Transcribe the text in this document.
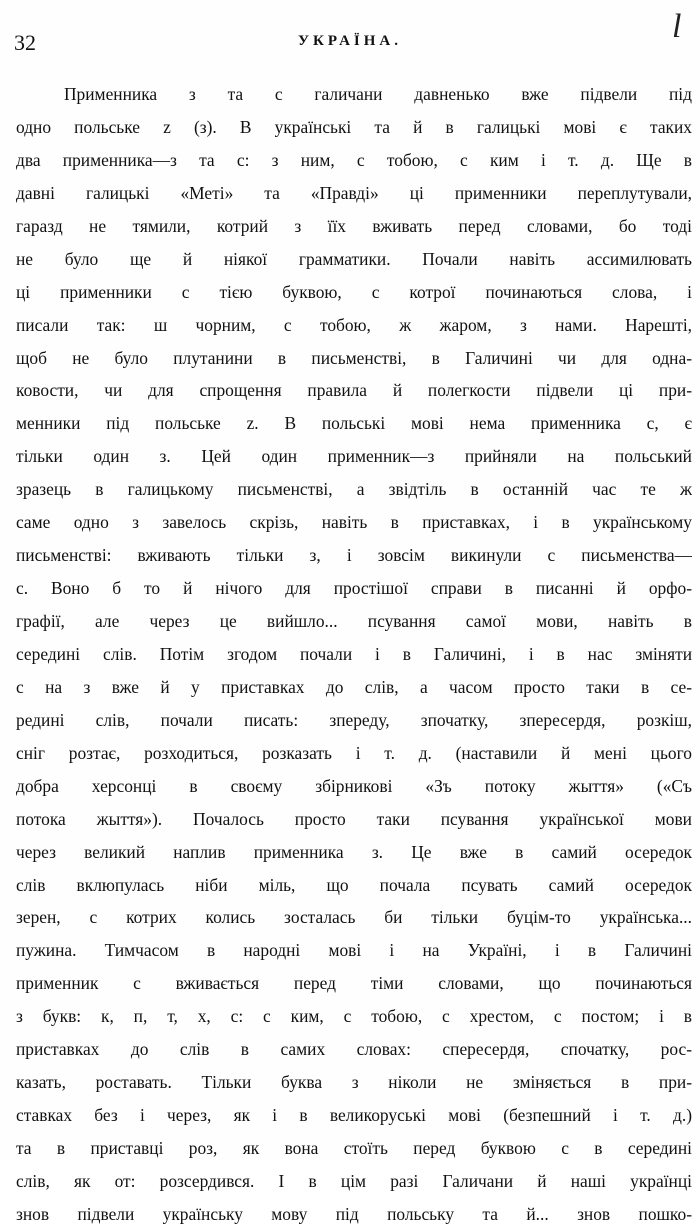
32	УКРАЇНА.	l
Применника з та с галичани давненько вже підвели під
одно польське z (з). В українські та й в галицькі мові є таких
два применника—з та с: з ним, с тобою, с ким і т. д. Ще в
давні галицькі «Меті» та «Правді» ці применники переплутували,
гаразд не тямили, котрий з їїх вживать перед словами, бо тоді
не було ще й ніякої грамматики. Почали навіть ассимилювать
ці применники с тією буквою, с котрої починаються слова, і
писали так: ш чорним, с тобою, ж жаром, з нами. Нарешті,
щоб не було плутанини в письменстві, в Галичині чи для одна-
ковости, чи для спрощення правила й полегкости підвели ці при-
менники під польське z. В польські мові нема применника с, є
тільки один з. Цей один применник—з прийняли на польський
зразець в галицькому письменстві, а звідтіль в останній час те ж
саме одно з завелось скрізь, навіть в приставках, і в українському
письменстві: вживають тільки з, і зовсім викинули с письменства—
с. Воно б то й нічого для простішої справи в писанні й орфо-
графії, але через це вийшло... псування самої мови, навіть в
середині слів. Потім згодом почали і в Галичині, і в нас зміняти
с на з вже й у приставках до слів, а часом просто таки в се-
редині слів, почали писать: зпереду, зпочатку, зпересердя, розкіш,
сніг розтає, розходиться, розказать і т. д. (наставили й мені цього
добра херсонці в своєму збірникові «Зъ потоку жыття» («Съ
потока жыття»). Почалось просто таки псування української мови
через великий наплив применника з. Це вже в самий осередок
слів вклюпулась ніби міль, що почала псувать самий осередок
зерен, с котрих колись зосталась би тільки буцім-то українська...
пужина. Тимчасом в народні мові і на Україні, і в Галичині
применник с вживається перед тіми словами, що починаються
з букв: к, п, т, х, с: с ким, с тобою, с хрестом, с постом; і в
приставках до слів в самих словах: спересердя, спочатку, рос-
казать, роставать. Тільки буква з ніколи не зміняється в при-
ставках без і через, як і в великоруські мові (безпешний і т. д.)
та в приставці роз, як вона стоїть перед буквою с в середині
слів, як от: розсердився. І в цім разі Галичани й наші українці
знов підвели українську мову під польську та й... знов пошко-
